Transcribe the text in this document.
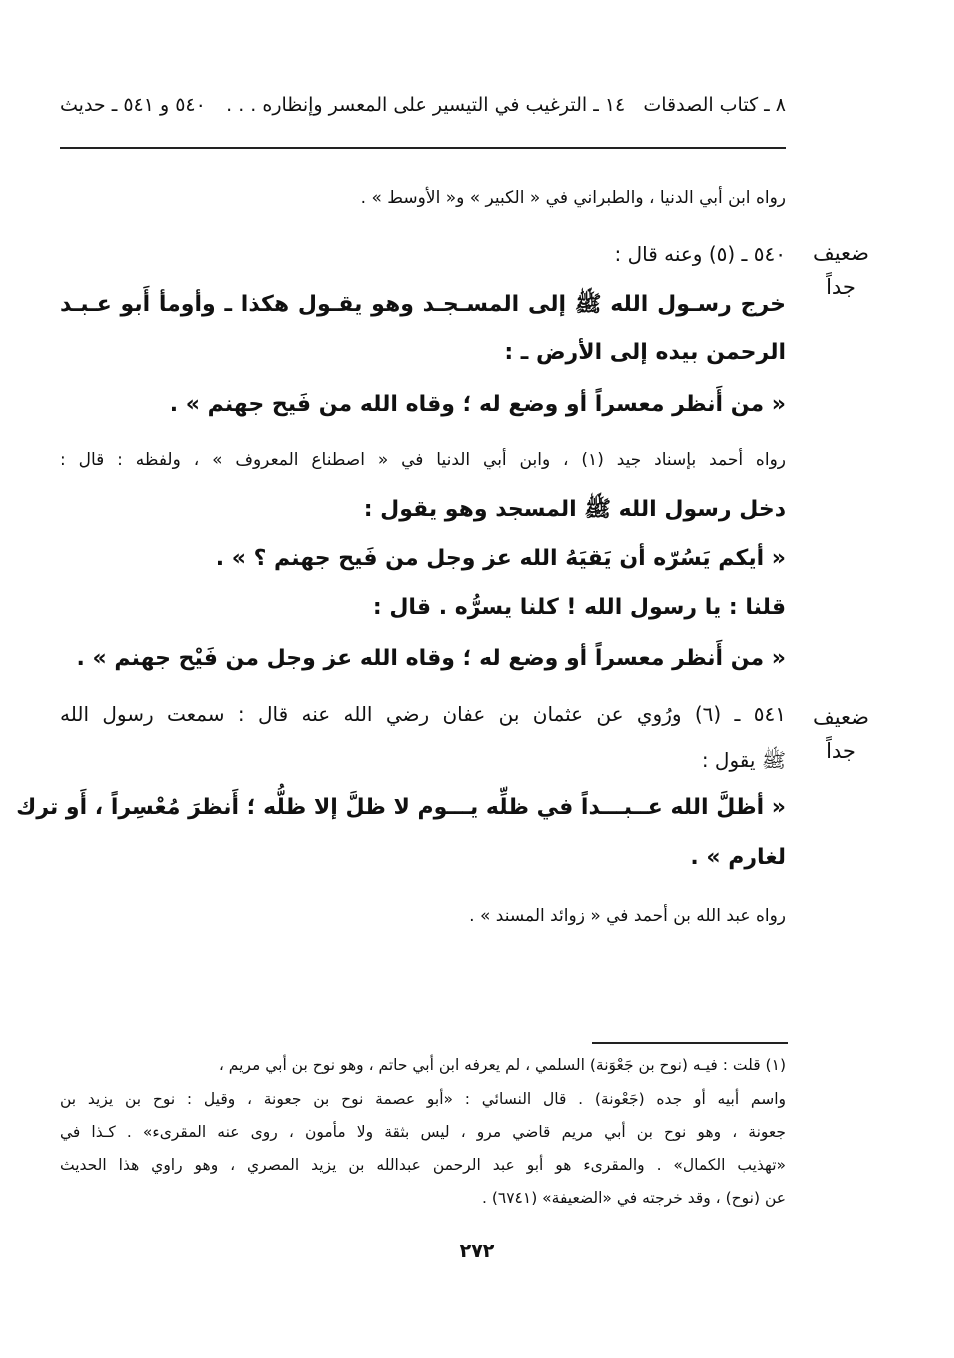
٨ ـ كتاب الصدقات   ١٤ ـ الترغيب في التيسير على المعسر وإنظاره . . .
٥٤٠ و ٥٤١ ـ حديث
رواه ابن أبي الدنيا ، والطبراني في « الكبير » و« الأوسط » .
٥٤٠ ـ (٥) وعنه قال :
خرج رسـول الله ﷺ إلى المسـجـد وهو يقـول هكذا ـ وأومأ أَبو عـبـد
الرحمن بيده إلى الأرض ـ :
« من أَنظر معسراً أو وضع له ؛ وقاه الله من فَيح جهنم » .
رواه أحمد بإسناد جيد (١) ، وابن أبي الدنيا في « اصطناع المعروف » ، ولفظه : قال :
دخل رسول الله ﷺ المسجد وهو يقول :
« أيكم يَسُرّه أن يَقيَهُ الله عز وجل من فَيح جهنم ؟ » .
قلنا : يا رسول الله ! كلنا يسرُّه . قال :
« من أَنظر معسراً أو وضع له ؛ وقاه الله عز وجل من فَيْح جهنم » .
٥٤١ ـ (٦) ورُوي عن عثمان بن عفان رضي الله عنه قال : سمعت رسول الله
ﷺ يقول :
« أظلَّ الله عــبـــداً في ظلِّه يـــوم لا ظلَّ إلا ظلُّه ؛ أَنظرَ مُعْسِراً ، أَو ترك
لغارم » .
رواه عبد الله بن أحمد في « زوائد المسند » .
ضعيف
جداً
ضعيف
جداً
(١) قلت : فيـه (نوح بن جَعْوَنة) السلمي ، لم يعرفه ابن أبي حاتم ، وهو نوح بن أبي مريم ،
واسم أبيه أو جده (جَعْونة) . قال النسائي : «أبو عصمة نوح بن جعونة ، وقيل : نوح بن يزيد بن
جعونة ، وهو نوح بن أبي مريم قاضي مرو ، ليس بثقة ولا مأمون ، روى عنه المقرىء» . كـذا في
«تهذيب الكمال» . والمقرىء هو أبو عبد الرحمن عبدالله بن يزيد المصري ، وهو راوي هذا الحديث
عن (نوح) ، وقد خرجته في «الضعيفة» (٦٧٤١) .
٢٧٢
